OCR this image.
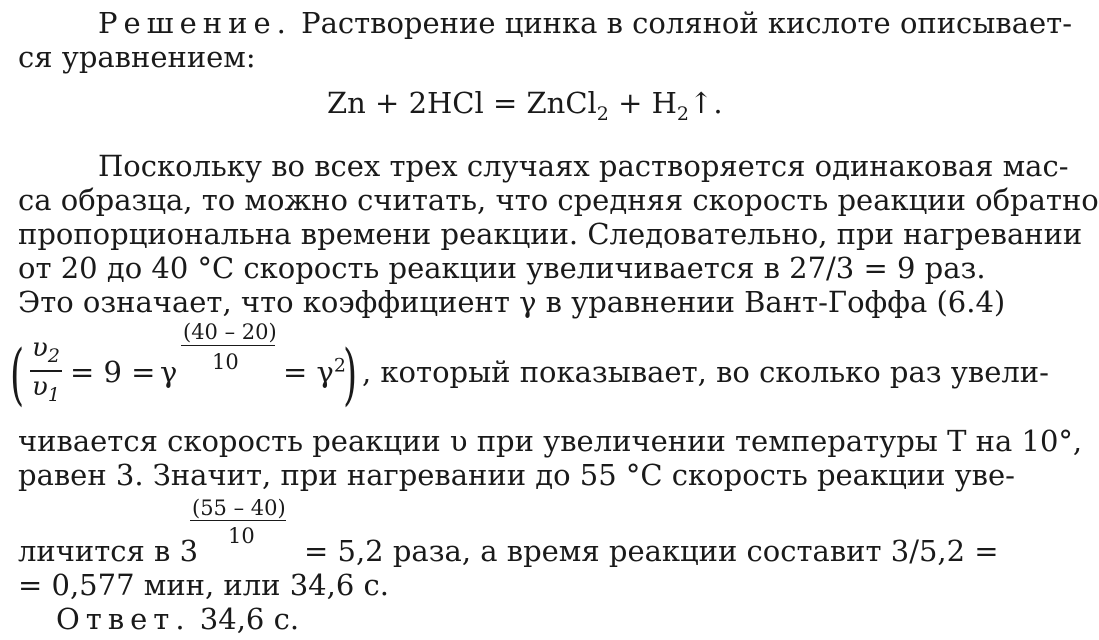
Решение. Растворение цинка в соляной кислоте описывает-
ся уравнением:
Zn + 2HCl = ZnCl$_2$ + $H_2↑$.
Поскольку во всех трех случаях растворяется одинаковая мас-
са образца, то можно считать, что средняя скорость реакции обратно
пропорциональна времени реакции. Следовательно, при нагревании
от 20 до 40 °С скорость реакции увеличивается в 27/3 = 9 раз.
Это означает, что коэффициент γ в уравнении Вант-Гоффа (6.4)
( $\upsilon_2$
$\upsilon_1$
= 9 = γ
(40 – 20)
$10 = \gamma^2$
) , который показывает, во сколько раз увели-
чивается скорость реакции υ при увеличении температуры T на 10°,
равен 3. Значит, при нагревании до 55 °С скорость реакции уве-
(55 – 40)
10
личится в 3	= 5,2 раза, а время реакции составит 3/5,2 =
= 0,577 мин, или 34,6 с.
Ответ. 34,6 с.
